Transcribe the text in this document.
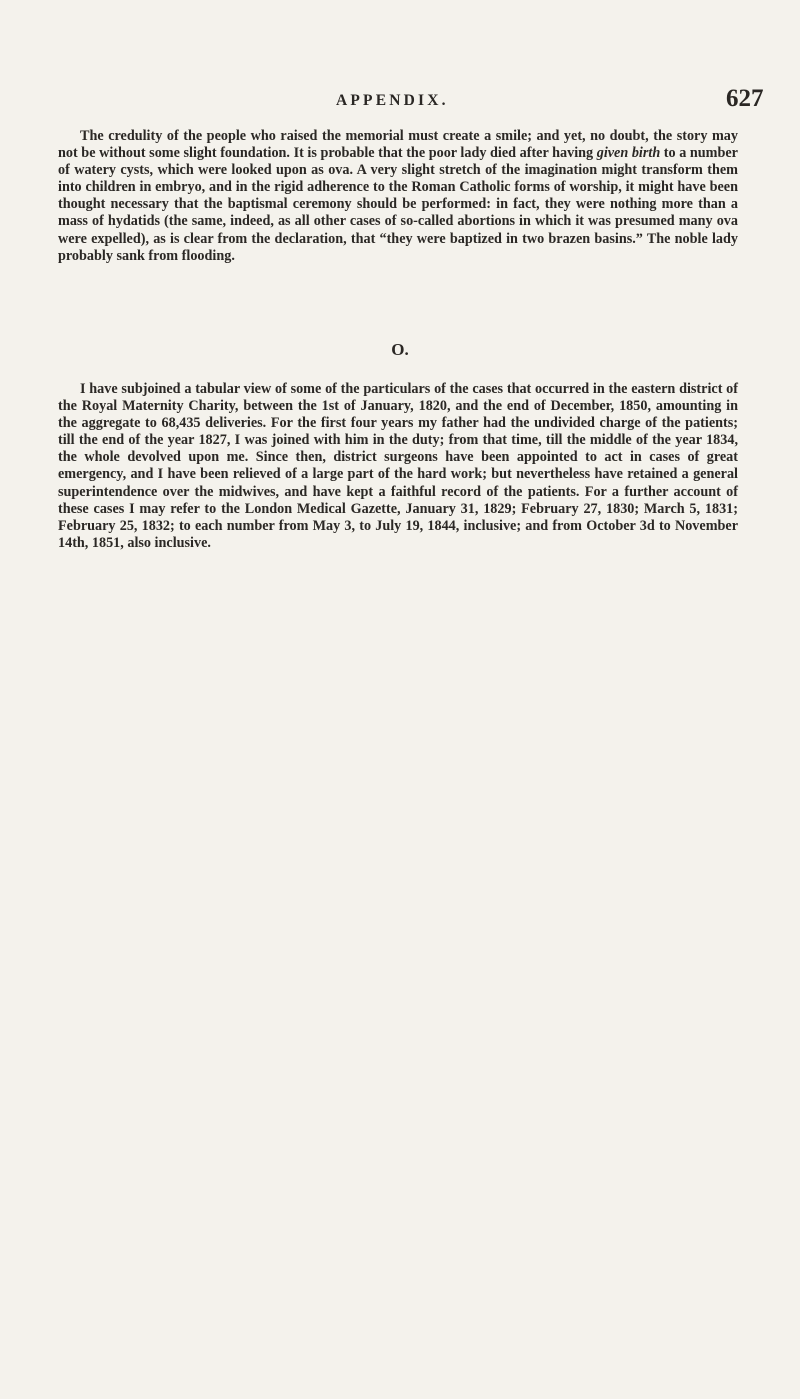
APPENDIX.	627

The credulity of the people who raised the memorial must create a smile; and yet, no doubt, the story may not be without some slight foundation. It is probable that the poor lady died after having given birth to a number of watery cysts, which were looked upon as ova. A very slight stretch of the imagination might transform them into children in embryo, and in the rigid adherence to the Roman Catholic forms of worship, it might have been thought necessary that the baptismal ceremony should be performed: in fact, they were nothing more than a mass of hydatids (the same, indeed, as all other cases of so-called abortions in which it was presumed many ova were expelled), as is clear from the declaration, that “they were baptized in two brazen basins.” The noble lady probably sank from flooding.

O.

I have subjoined a tabular view of some of the particulars of the cases that occurred in the eastern district of the Royal Maternity Charity, between the 1st of January, 1820, and the end of December, 1850, amounting in the aggregate to 68,435 deliveries. For the first four years my father had the undivided charge of the patients; till the end of the year 1827, I was joined with him in the duty; from that time, till the middle of the year 1834, the whole devolved upon me. Since then, district surgeons have been appointed to act in cases of great emergency, and I have been relieved of a large part of the hard work; but nevertheless have retained a general superintendence over the midwives, and have kept a faithful record of the patients. For a further account of these cases I may refer to the London Medical Gazette, January 31, 1829; February 27, 1830; March 5, 1831; February 25, 1832; to each number from May 3, to July 19, 1844, inclusive; and from October 3d to November 14th, 1851, also inclusive.
